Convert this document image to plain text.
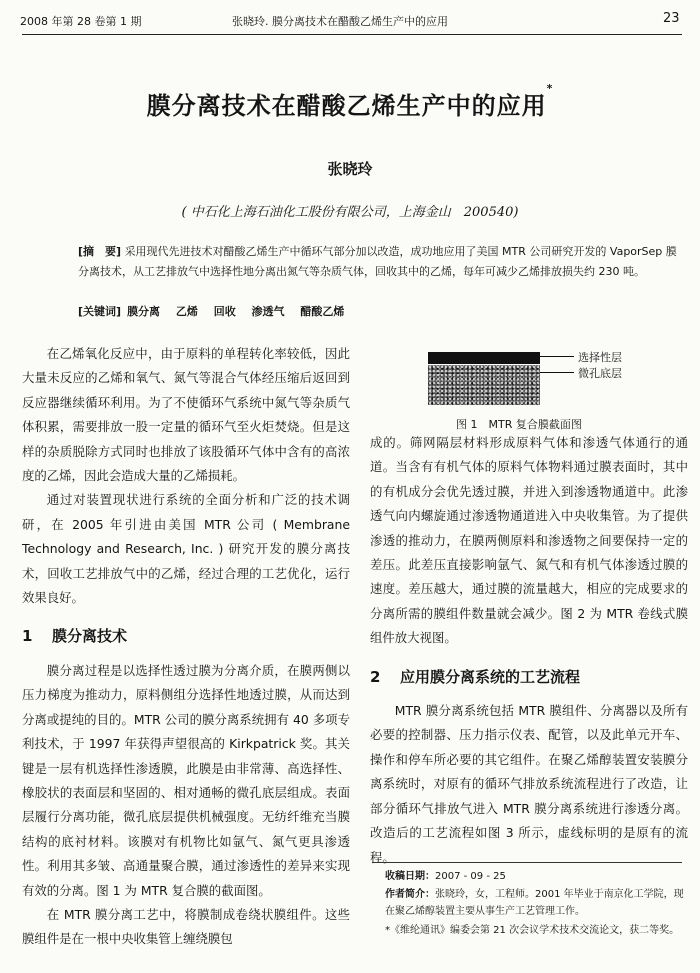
2008 年第 28 卷第 1 期	张晓玲. 膜分离技术在醋酸乙烯生产中的应用	23
膜分离技术在醋酸乙烯生产中的应用*
张晓玲
( 中石化上海石油化工股份有限公司，上海金山　200540)

[摘　要] 采用现代先进技术对醋酸乙烯生产中循环气部分加以改造，成功地应用了美国 MTR 公司研究开发的 VaporSep 膜分离技术，从工艺排放气中选择性地分离出氮气等杂质气体，回收其中的乙烯，每年可减少乙烯排放损失约 230 吨。

[关键词] 膜分离 乙烯 回收 渗透气 醋酸乙烯

在乙烯氧化反应中，由于原料的单程转化率较低，因此大量未反应的乙烯和氧气、氮气等混合气体经压缩后返回到反应器继续循环利用。为了不使循环气系统中氮气等杂质气体积累，需要排放一股一定量的循环气至火炬焚烧。但是这样的杂质脱除方式同时也排放了该股循环气体中含有的高浓度的乙烯，因此会造成大量的乙烯损耗。

通过对装置现状进行系统的全面分析和广泛的技术调研，在 2005 年引进由美国 MTR 公司 ( Membrane Technology and Research, Inc. ) 研究开发的膜分离技术，回收工艺排放气中的乙烯，经过合理的工艺优化，运行效果良好。

1 膜分离技术

膜分离过程是以选择性透过膜为分离介质，在膜两侧以压力梯度为推动力，原料侧组分选择性地透过膜，从而达到分离或提纯的目的。MTR 公司的膜分离系统拥有 40 多项专利技术，于 1997 年获得声望很高的 Kirkpatrick 奖。其关键是一层有机选择性渗透膜，此膜是由非常薄、高选择性、橡胶状的表面层和坚固的、相对通畅的微孔底层组成。表面层履行分离功能，微孔底层提供机械强度。无纺纤维充当膜结构的底衬材料。该膜对有机物比如氩气、氮气更具渗透性。利用其多皱、高通量聚合膜，通过渗透性的差异来实现有效的分离。图 1 为 MTR 复合膜的截面图。

在 MTR 膜分离工艺中，将膜制成卷绕状膜组件。这些膜组件是在一根中央收集管上缠绕膜包

选择性层
微孔底层
图 1　MTR 复合膜截面图

成的。筛网隔层材料形成原料气体和渗透气体通行的通道。当含有有机气体的原料气体物料通过膜表面时，其中的有机成分会优先透过膜，并进入到渗透物通道中。此渗透气向内螺旋通过渗透物通道进入中央收集管。为了提供渗透的推动力，在膜两侧原料和渗透物之间要保持一定的差压。此差压直接影响氩气、氮气和有机气体渗透过膜的速度。差压越大，通过膜的流量越大，相应的完成要求的分离所需的膜组件数量就会减少。图 2 为 MTR 卷线式膜组件放大视图。

2 应用膜分离系统的工艺流程

MTR 膜分离系统包括 MTR 膜组件、分离器以及所有必要的控制器、压力指示仪表、配管，以及此单元开车、操作和停车所必要的其它组件。在聚乙烯醇装置安装膜分离系统时，对原有的循环气排放系统流程进行了改造，让部分循环气排放气进入 MTR 膜分离系统进行渗透分离。改造后的工艺流程如图 3 所示，虚线标明的是原有的流程。

收稿日期：2007 - 09 - 25

作者简介：张晓玲，女，工程师。2001 年毕业于南京化工学院，现在聚乙烯醇装置主要从事生产工艺管理工作。

*《维纶通讯》编委会第 21 次会议学术技术交流论文，获二等奖。
